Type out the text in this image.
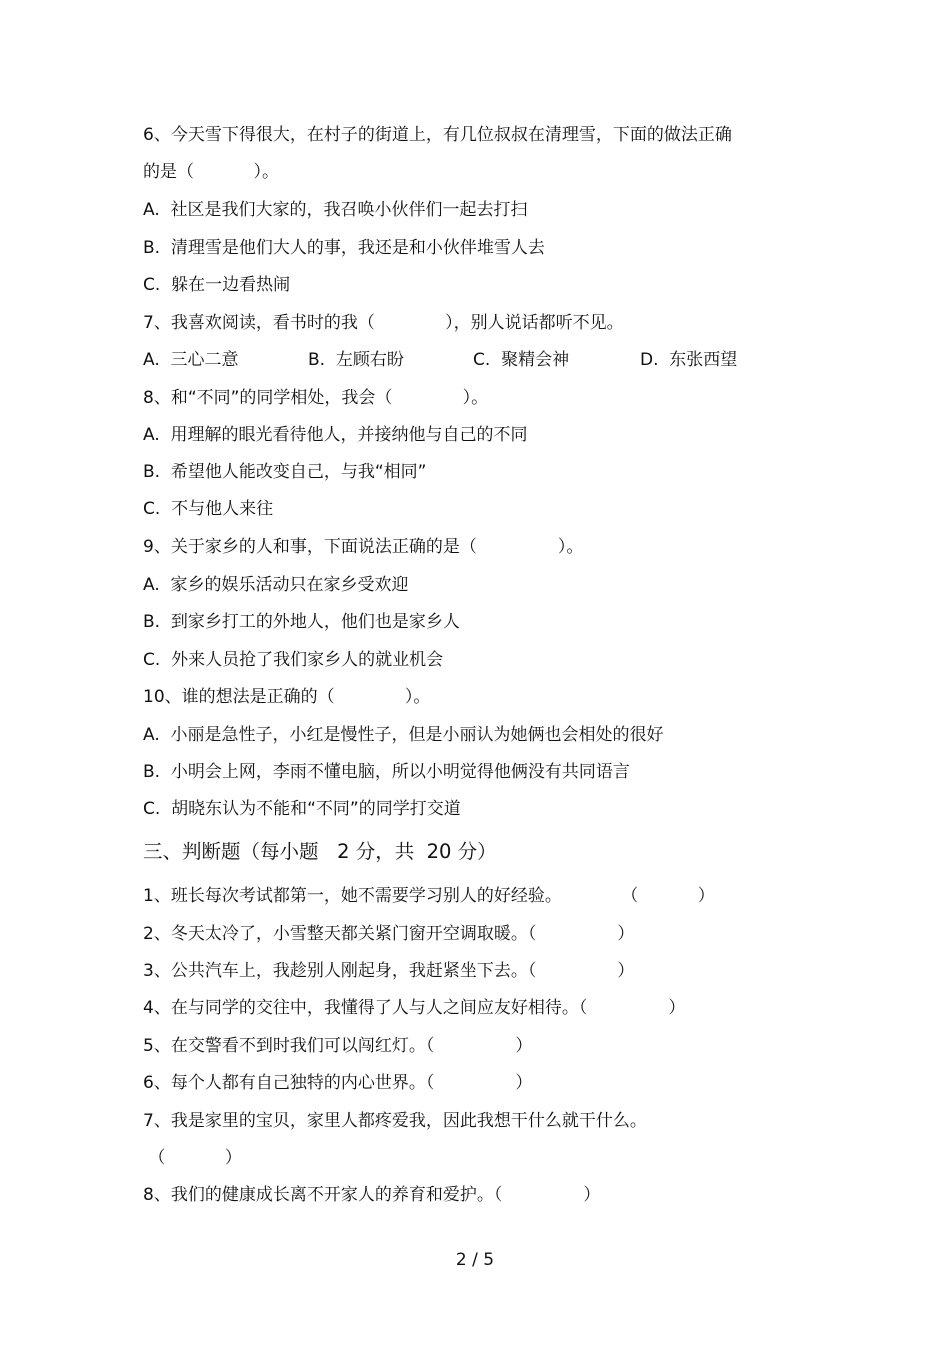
6、今天雪下得很大，在村子的街道上，有几位叔叔在清理雪，下面的做法正确
的是（           ）。
A.  社区是我们大家的，我召唤小伙伴们一起去打扫
B.  清理雪是他们大人的事，我还是和小伙伴堆雪人去
C.  躲在一边看热闹
7、我喜欢阅读，看书时的我（             ），别人说话都听不见。
A.  三心二意	B.  左顾右盼	C.  聚精会神	D.  东张西望
8、和“不同”的同学相处，我会（             ）。
A.  用理解的眼光看待他人，并接纳他与自己的不同
B.  希望他人能改变自己，与我“相同”
C.  不与他人来往
9、关于家乡的人和事，下面说法正确的是（               ）。
A.  家乡的娱乐活动只在家乡受欢迎
B.  到家乡打工的外地人，他们也是家乡人
C.  外来人员抢了我们家乡人的就业机会
10、谁的想法是正确的（             ）。
A.  小丽是急性子，小红是慢性子，但是小丽认为她俩也会相处的很好
B.  小明会上网，李雨不懂电脑，所以小明觉得他俩没有共同语言
C.  胡晓东认为不能和“不同”的同学打交道
三、判断题（每小题   2 分，共  20 分）
1、班长每次考试都第一，她不需要学习别人的好经验。           （           ）
2、冬天太冷了，小雪整天都关紧门窗开空调取暖。（               ）
3、公共汽车上，我趁别人刚起身，我赶紧坐下去。（               ）
4、在与同学的交往中，我懂得了人与人之间应友好相待。（               ）
5、在交警看不到时我们可以闯红灯。（               ）
6、每个人都有自己独特的内心世界。（               ）
7、我是家里的宝贝，家里人都疼爱我，因此我想干什么就干什么。
（           ）
8、我们的健康成长离不开家人的养育和爱护。（               ）
2 / 5
